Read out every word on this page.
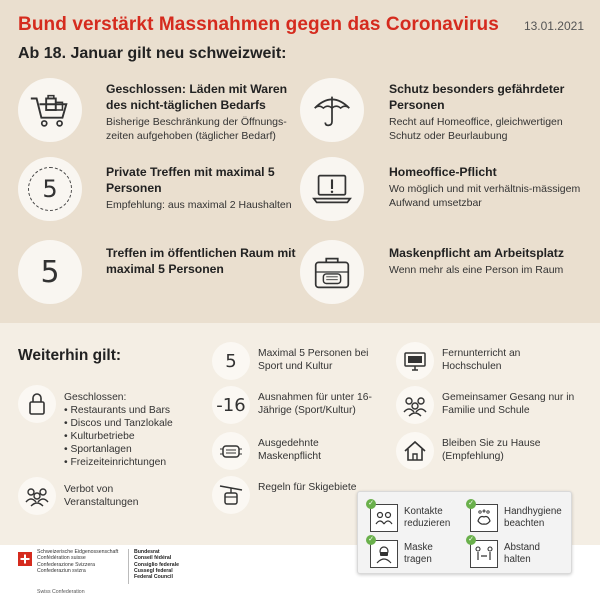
Bund verstärkt Massnahmen gegen das Coronavirus 13.01.2021
Ab 18. Januar gilt neu schweizweit:
Geschlossen: Läden mit Waren des nicht-täglichen Bedarfs
Bisherige Beschränkung der Öffnungs-zeiten aufgehoben (täglicher Bedarf)
Schutz besonders gefährdeter Personen
Recht auf Homeoffice, gleichwertigen Schutz oder Beurlaubung
5
Private Treffen mit maximal 5 Personen
Empfehlung: aus maximal 2 Haushalten
Homeoffice-Pflicht
Wo möglich und mit verhältnis-mässigem Aufwand umsetzbar
5
Treffen im öffentlichen Raum mit maximal 5 Personen
Maskenpflicht am Arbeitsplatz
Wenn mehr als eine Person im Raum
Weiterhin gilt:
Geschlossen:
• Restaurants und Bars
• Discos und Tanzlokale
• Kulturbetriebe
• Sportanlagen
• Freizeiteinrichtungen
Verbot von Veranstaltungen
5 Maximal 5 Personen bei Sport und Kultur
-16 Ausnahmen für unter 16-Jährige (Sport/Kultur)
Ausgedehnte Maskenpflicht
Regeln für Skigebiete
Fernunterricht an Hochschulen
Gemeinsamer Gesang nur in Familie und Schule
Bleiben Sie zu Hause (Empfehlung)
✓
Kontakte
reduzieren
✓
Handhygiene
beachten
✓
Maske
tragen
✓
Abstand
halten
Schweizerische Eidgenossenschaft
Confédération suisse
Confederazione Svizzera
Confederaziun svizra
Swiss Confederation
Bundesrat
Conseil fédéral
Consiglio federale
Cussegl federal
Federal Council
